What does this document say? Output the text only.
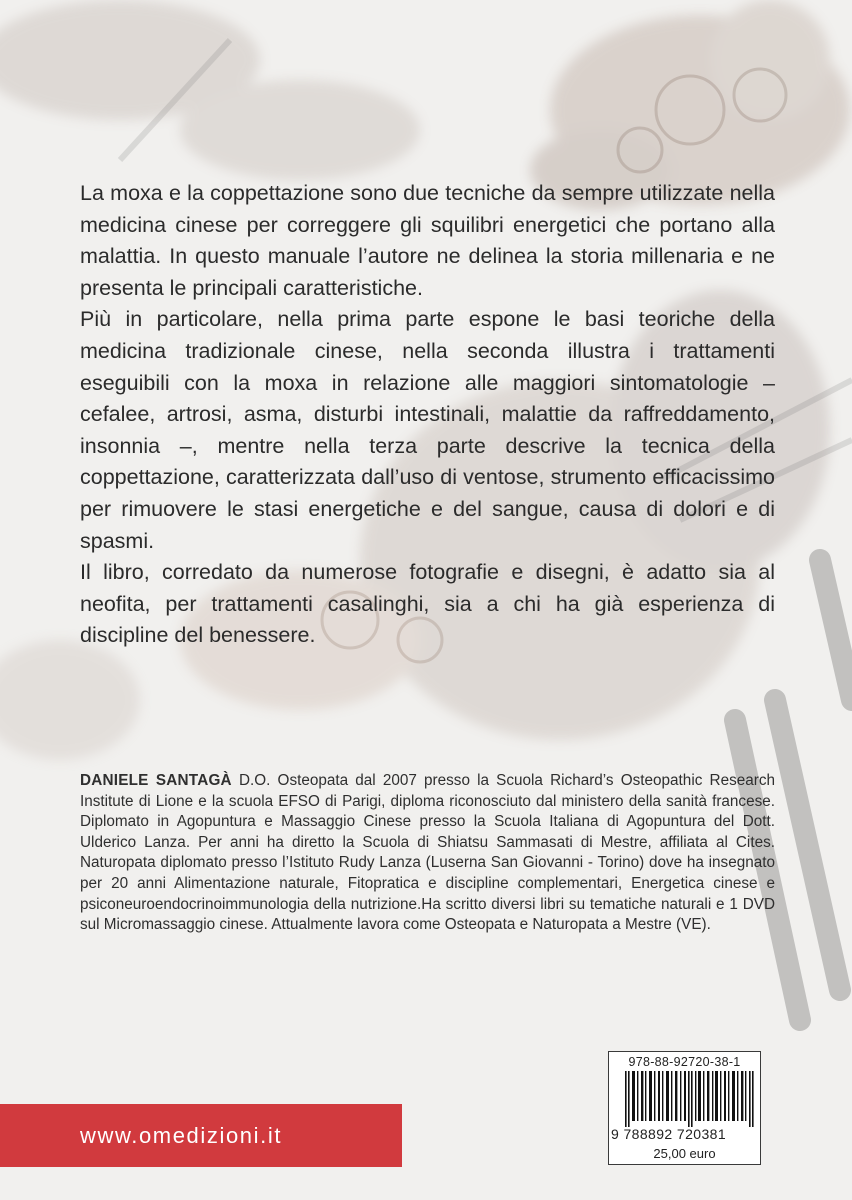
La moxa e la coppettazione sono due tecniche da sempre utilizzate nella medicina cinese per correggere gli squilibri energetici che portano alla malattia. In questo manuale l’autore ne delinea la storia millenaria e ne presenta le principali caratteristiche.

Più in particolare, nella prima parte espone le basi teoriche della medicina tradizionale cinese, nella seconda illustra i trattamenti eseguibili con la moxa in relazione alle maggiori sintomatologie – cefalee, artrosi, asma, disturbi intestinali, malattie da raffreddamento, insonnia –, mentre nella terza parte descrive la tecnica della coppettazione, caratterizzata dall’uso di ventose, strumento efficacissimo per rimuovere le stasi energetiche e del sangue, causa di dolori e di spasmi.

Il libro, corredato da numerose fotografie e disegni, è adatto sia al neofita, per trattamenti casalinghi, sia a chi ha già esperienza di discipline del benessere.

DANIELE SANTAGÀ D.O. Osteopata dal 2007 presso la Scuola Richard’s Osteopathic Research Institute di Lione e la scuola EFSO di Parigi, diploma riconosciuto dal ministero della sanità francese. Diplomato in Agopuntura e Massaggio Cinese presso la Scuola Italiana di Agopuntura del Dott. Ulderico Lanza. Per anni ha diretto la Scuola di Shiatsu Sammasati di Mestre, affiliata al Cites. Naturopata diplomato presso l’Istituto Rudy Lanza (Luserna San Giovanni - Torino) dove ha insegnato per 20 anni Alimentazione naturale, Fitopratica e discipline complementari, Energetica cinese e psiconeuroendocrinoimmunologia della nutrizione.Ha scritto diversi libri su tematiche naturali e 1 DVD sul Micromassaggio cinese. Attualmente lavora come Osteopata e Naturopata a Mestre (VE).

www.omedizioni.it
978-88-92720-38-1
9 788892 720381
25,00 euro
